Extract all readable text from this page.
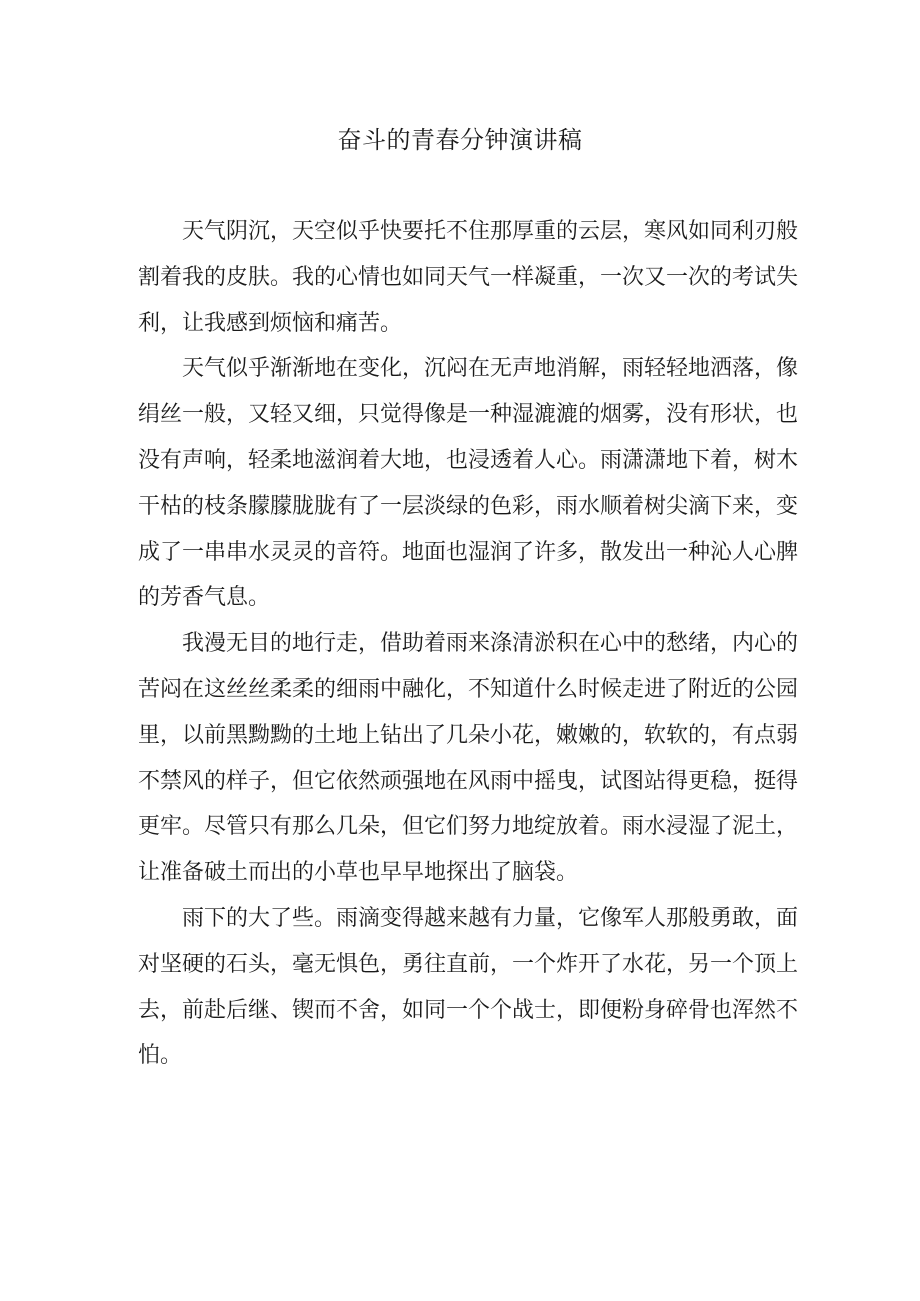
奋斗的青春分钟演讲稿

天气阴沉，天空似乎快要托不住那厚重的云层，寒风如同利刃般割着我的皮肤。我的心情也如同天气一样凝重，一次又一次的考试失利，让我感到烦恼和痛苦。

天气似乎渐渐地在变化，沉闷在无声地消解，雨轻轻地洒落，像绢丝一般，又轻又细，只觉得像是一种湿漉漉的烟雾，没有形状，也没有声响，轻柔地滋润着大地，也浸透着人心。雨潇潇地下着，树木干枯的枝条朦朦胧胧有了一层淡绿的色彩，雨水顺着树尖滴下来，变成了一串串水灵灵的音符。地面也湿润了许多，散发出一种沁人心脾的芳香气息。

我漫无目的地行走，借助着雨来涤清淤积在心中的愁绪，内心的苦闷在这丝丝柔柔的细雨中融化，不知道什么时候走进了附近的公园里，以前黑黝黝的土地上钻出了几朵小花，嫩嫩的，软软的，有点弱不禁风的样子，但它依然顽强地在风雨中摇曳，试图站得更稳，挺得更牢。尽管只有那么几朵，但它们努力地绽放着。雨水浸湿了泥土，让准备破土而出的小草也早早地探出了脑袋。

雨下的大了些。雨滴变得越来越有力量，它像军人那般勇敢，面对坚硬的石头，毫无惧色，勇往直前，一个炸开了水花，另一个顶上去，前赴后继、锲而不舍，如同一个个战士，即便粉身碎骨也浑然不怕。
